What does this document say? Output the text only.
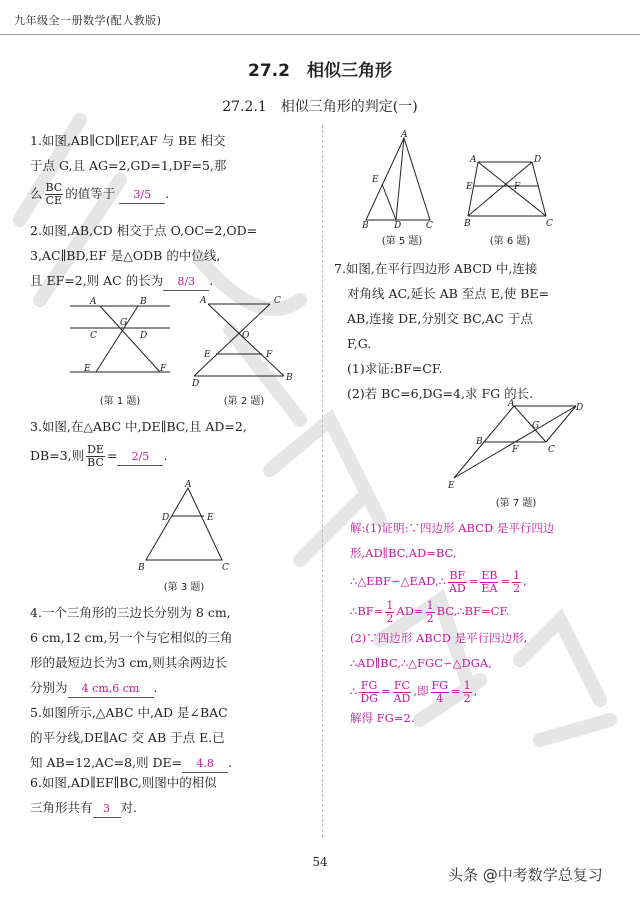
九年级全一册数学(配人教版)
27.2　相似三角形
27.2.1　相似三角形的判定(一)
1.如图,AB∥CD∥EF,AF 与 BE 相交
于点 G,且 AG=2,GD=1,DF=5,那
么 $\frac{BC}{CE}$ 的值等于 3/5 .
2.如图,AB,CD 相交于点 O,OC=2,OD=
3,AC∥BD,EF 是△ODB 的中位线,
且 EF=2,则 AC 的长为 8/3 .
A	B
G
C	D
E	F
(第 1 题)
A	C
O
E	F
D
B
(第 2 题)
3.如图,在△ABC 中,DE∥BC,且 AD=2,
DB=3,则 $\frac{DE}{BC} = 2/5$ .
A
D	E
B	C
(第 3 题)
4.一个三角形的三边长分别为 8 cm,
6 cm,12 cm,另一个与它相似的三角
形的最短边长为3 cm,则其余两边长
分别为 4 cm,6 cm .
5.如图所示,△ABC 中,AD 是∠BAC
的平分线,DE∥AC 交 AB 于点 E.已
知 AB=12,AC=8,则 DE= 4.8 .
6.如图,AD∥EF∥BC,则图中的相似
三角形共有 3 对.
A
E
B	D	C
(第 5 题)
A	D
E	F
B	C
(第 6 题)
7.如图,在平行四边形 ABCD 中,连接
对角线 AC,延长 AB 至点 E,使 BE=
AB,连接 DE,分别交 BC,AC 于点
F,G.
(1)求证:BF=CF.
(2)若 BC=6,DG=4,求 FG 的长.
A	D
G
B
F	C
E
(第 7 题)
解:(1)证明:∵四边形 ABCD 是平行四边
形,AD∥BC,AD=BC,
∴△EBF∽△EAD,∴ $\frac{BF}{AD} = \frac{EB}{EA} = \frac{1}{2}$ ,
∴BF= $\frac{1}{2} AD= \frac{1}{2}$ BC,∴BF=CF.
(2)∵四边形 ABCD 是平行四边形,
∴AD∥BC,∴△FGC∽△DGA,
∴ $\frac{FG}{DG} = \frac{FC}{AD}$ ,即 $\frac{FG}{4} = \frac{1}{2}$ ,
解得 FG=2.
54
头条 @中考数学总复习
